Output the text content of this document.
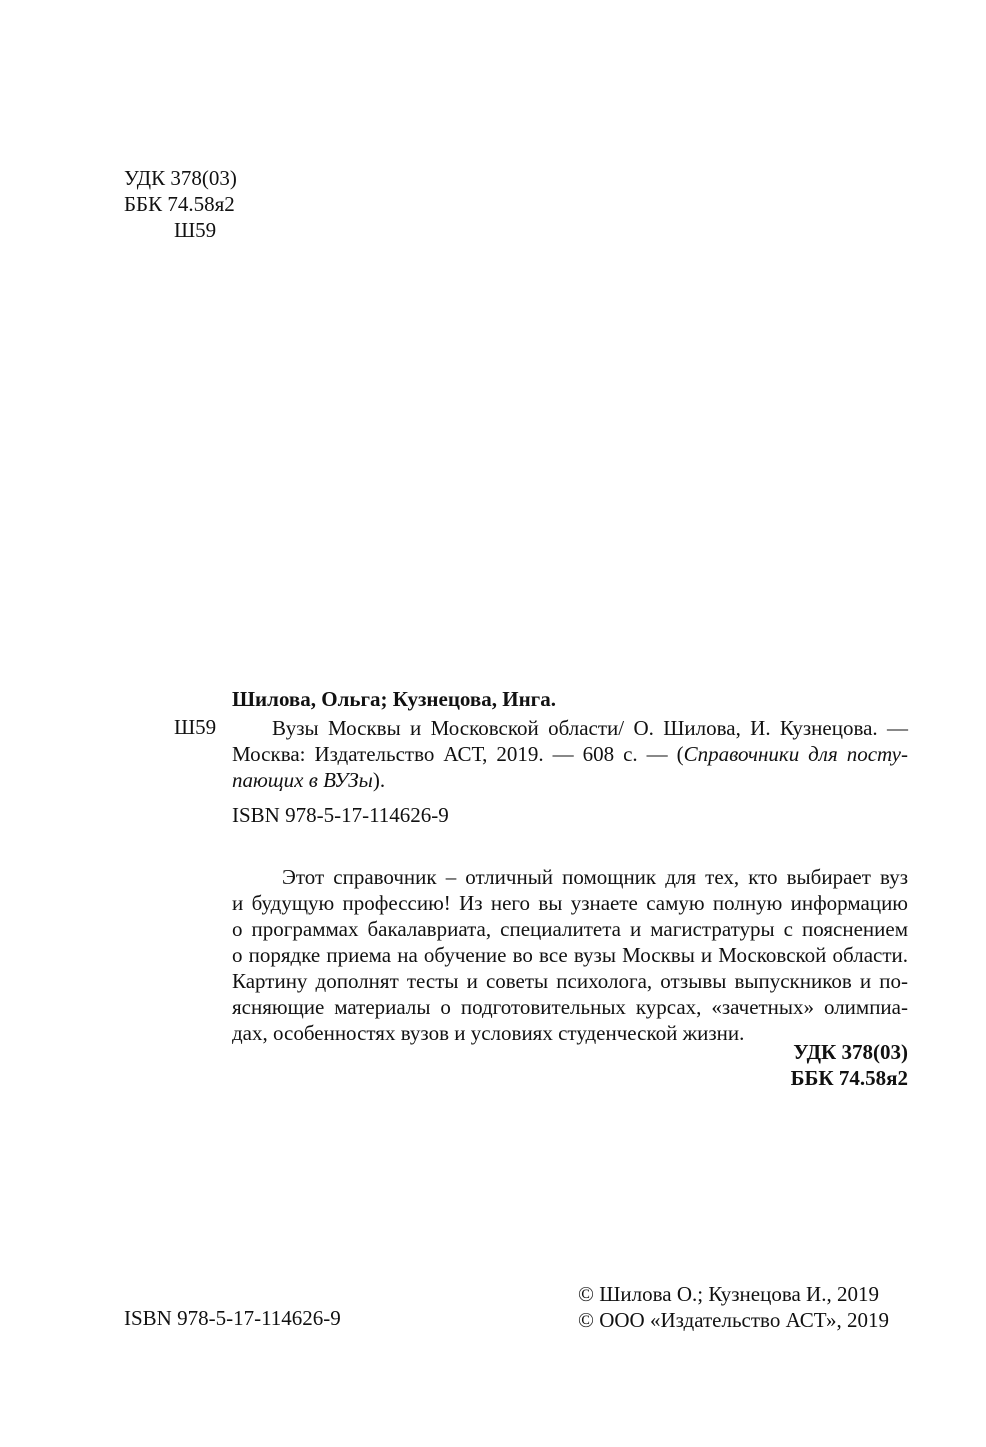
УДК 378(03)
ББК 74.58я2
Ш59
Шилова, Ольга; Кузнецова, Инга.
Ш59	Вузы Москвы и Московской области/ О. Шилова, И. Кузнецова. —
Москва: Издательство АСТ, 2019. — 608 с. — (Справочники для посту-
пающих в ВУЗы).
ISBN 978-5-17-114626-9
Этот справочник – отличный помощник для тех, кто выбирает вуз
и будущую профессию! Из него вы узнаете самую полную информацию
о программах бакалавриата, специалитета и магистратуры с пояснением
о порядке приема на обучение во все вузы Москвы и Московской области.
Картину дополнят тесты и советы психолога, отзывы выпускников и по-
ясняющие материалы о подготовительных курсах, «зачетных» олимпиа-
дах, особенностях вузов и условиях студенческой жизни.
УДК 378(03)
ББК 74.58я2
ISBN 978-5-17-114626-9
© Шилова О.; Кузнецова И., 2019
© ООО «Издательство АСТ», 2019
